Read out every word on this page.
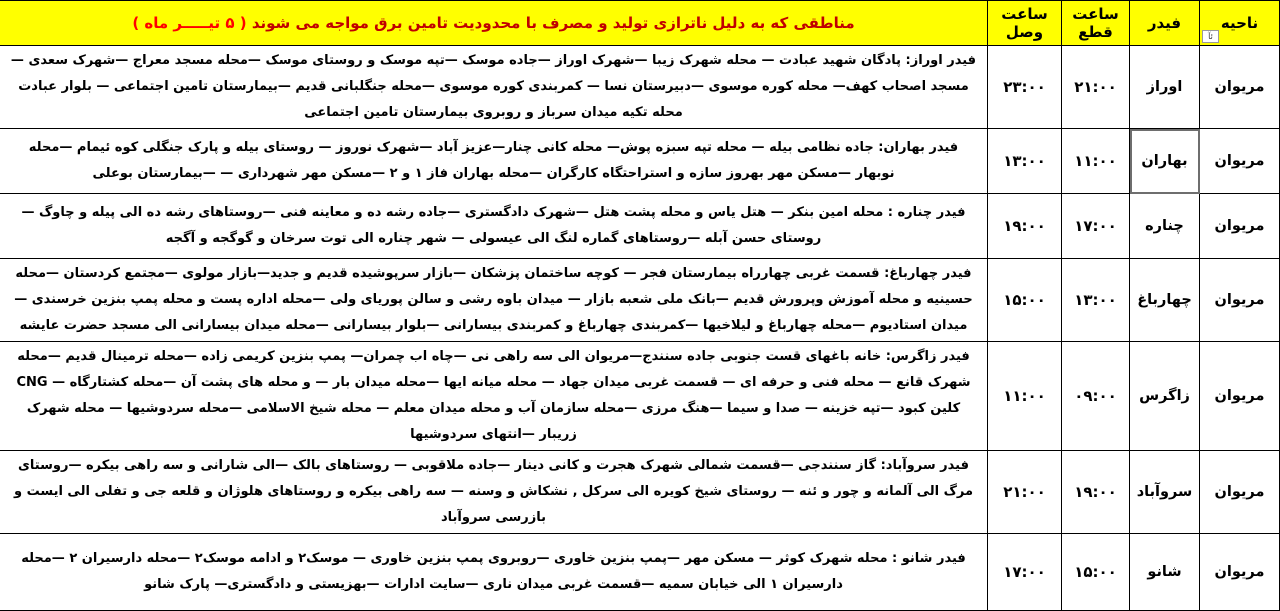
ناحیه	فیدر	ساعت قطع	ساعت وصل	مناطقی که به دلیل ناترازی تولید و مصرف با محدودیت تامین برق مواجه می شوند ( ۵ تیـــــر ماه )
مریوان	اوراز	۲۱:۰۰	۲۳:۰۰	فیدر اوراز: پادگان شهید عبادت — محله شهرک زیبا —شهرک اوراز —جاده موسک —تپه موسک و روستای موسک —محله مسجد معراج —شهرک سعدی —مسجد اصحاب کهف— محله کوره موسوی —دبیرستان نسا — کمربندی کوره موسوی —محله جنگلبانی قدیم —بیمارستان تامین اجتماعی — بلوار عبادت محله تکیه میدان سرباز و روبروی بیمارستان تامین اجتماعی
مریوان	بهاران	۱۱:۰۰	۱۳:۰۰	فیدر بهاران: جاده نظامی بیله — محله تپه سبزه پوش— محله کانی چنار—عزیز آباد —شهرک نوروز — روستای بیله و پارک جنگلی کوه ئیمام —محله نوبهار —مسکن مهر بهروز سازه و استراحتگاه کارگران —محله بهاران فاز ۱ و ۲ —مسکن مهر شهرداری — —بیمارستان بوعلی
مریوان	چناره	۱۷:۰۰	۱۹:۰۰	فیدر چناره : محله امین بنکر — هتل یاس و محله پشت هتل —شهرک دادگستری —جاده رشه ده و معاینه فنی —روستاهای رشه ده الی پیله و چاوگ —روستای حسن آبله —روستاهای گماره لنگ الی عیسولی — شهر چناره الی توت سرخان و گوگجه و آگجه
مریوان	چهارباغ	۱۳:۰۰	۱۵:۰۰	فیدر چهارباغ: قسمت غربی چهارراه بیمارستان فجر — کوچه ساختمان پزشکان —بازار سرپوشیده قدیم و جدید—بازار مولوی —مجتمع کردستان —محله حسینیه و محله آموزش وپرورش قدیم —بانک ملی شعبه بازار — میدان باوه رشی و سالن پوریای ولی —محله اداره پست و محله پمپ بنزین خرسندی —میدان استادیوم —محله چهارباغ و لیلاخیها —کمربندی چهارباغ و کمربندی بیسارانی —بلوار بیسارانی —محله میدان بیسارانی الی مسجد حضرت عایشه
مریوان	زاگرس	۰۹:۰۰	۱۱:۰۰	فیدر زاگرس: خانه باغهای قست جنوبی جاده سنندج—مریوان الی سه راهی نی —چاه اب چمران— پمپ بنزین کریمی زاده —محله ترمینال قدیم —محله شهرک قانع — محله فنی و حرفه ای — قسمت غربی میدان جهاد — محله میانه ایها —محله میدان بار — و محله های پشت آن —محله کشتارگاه — CNG کلین کبود —تپه خزینه — صدا و سیما —هنگ مرزی —محله سازمان آب و محله میدان معلم — محله شیخ الاسلامی —محله سردوشیها — محله شهرک زریبار —انتهای سردوشیها
مریوان	سروآباد	۱۹:۰۰	۲۱:۰۰	فیدر سروآباد: گاز سنندجی —قسمت شمالی شهرک هجرت و کانی دینار —جاده ملاقوبی — روستاهای بالک —الی شارانی و سه راهی بیکره —روستای مرگ الی آلمانه و چور و ئنه — روستای شیخ کویره الی سرکل , نشکاش و وسنه — سه راهی بیکره و روستاهای هلوژان و قلعه جی و تفلی الی ایست و بازرسی سروآباد
مریوان	شانو	۱۵:۰۰	۱۷:۰۰	فیدر شانو : محله شهرک کوثر — مسکن مهر —پمپ بنزین خاوری —روبروی پمپ بنزین خاوری — موسک۲ و ادامه موسک۲ —محله دارسیران ۲ —محله دارسیران ۱ الی خیابان سمیه —قسمت غربی میدان ناری —سایت ادارات —بهزیستی و دادگستری— پارک شانو
ئآ
